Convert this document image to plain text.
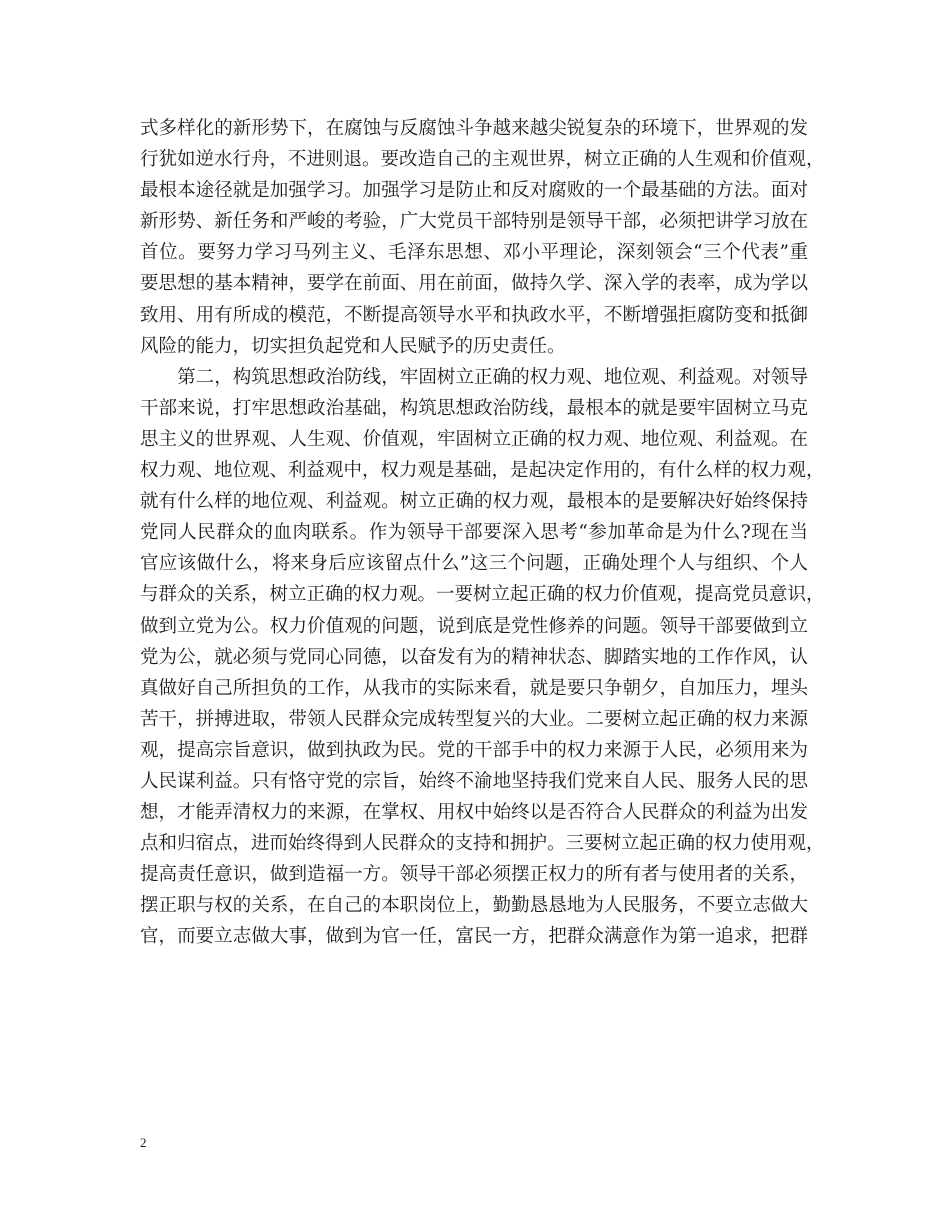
式多样化的新形势下，在腐蚀与反腐蚀斗争越来越尖锐复杂的环境下，世界观的发
行犹如逆水行舟，不进则退。要改造自己的主观世界，树立正确的人生观和价值观，
最根本途径就是加强学习。加强学习是防止和反对腐败的一个最基础的方法。面对
新形势、新任务和严峻的考验，广大党员干部特别是领导干部，必须把讲学习放在
首位。要努力学习马列主义、毛泽东思想、邓小平理论，深刻领会“三个代表”重
要思想的基本精神，要学在前面、用在前面，做持久学、深入学的表率，成为学以
致用、用有所成的模范，不断提高领导水平和执政水平，不断增强拒腐防变和抵御
风险的能力，切实担负起党和人民赋予的历史责任。
　　第二，构筑思想政治防线，牢固树立正确的权力观、地位观、利益观。对领导
干部来说，打牢思想政治基础，构筑思想政治防线，最根本的就是要牢固树立马克
思主义的世界观、人生观、价值观，牢固树立正确的权力观、地位观、利益观。在
权力观、地位观、利益观中，权力观是基础，是起决定作用的，有什么样的权力观，
就有什么样的地位观、利益观。树立正确的权力观，最根本的是要解决好始终保持
党同人民群众的血肉联系。作为领导干部要深入思考“参加革命是为什么?现在当
官应该做什么，将来身后应该留点什么”这三个问题，正确处理个人与组织、个人
与群众的关系，树立正确的权力观。一要树立起正确的权力价值观，提高党员意识，
做到立党为公。权力价值观的问题，说到底是党性修养的问题。领导干部要做到立
党为公，就必须与党同心同德，以奋发有为的精神状态、脚踏实地的工作作风，认
真做好自己所担负的工作，从我市的实际来看，就是要只争朝夕，自加压力，埋头
苦干，拼搏进取，带领人民群众完成转型复兴的大业。二要树立起正确的权力来源
观，提高宗旨意识，做到执政为民。党的干部手中的权力来源于人民，必须用来为
人民谋利益。只有恪守党的宗旨，始终不渝地坚持我们党来自人民、服务人民的思
想，才能弄清权力的来源，在掌权、用权中始终以是否符合人民群众的利益为出发
点和归宿点，进而始终得到人民群众的支持和拥护。三要树立起正确的权力使用观，
提高责任意识，做到造福一方。领导干部必须摆正权力的所有者与使用者的关系，
摆正职与权的关系，在自己的本职岗位上，勤勤恳恳地为人民服务，不要立志做大
官，而要立志做大事，做到为官一任，富民一方，把群众满意作为第一追求，把群
2
